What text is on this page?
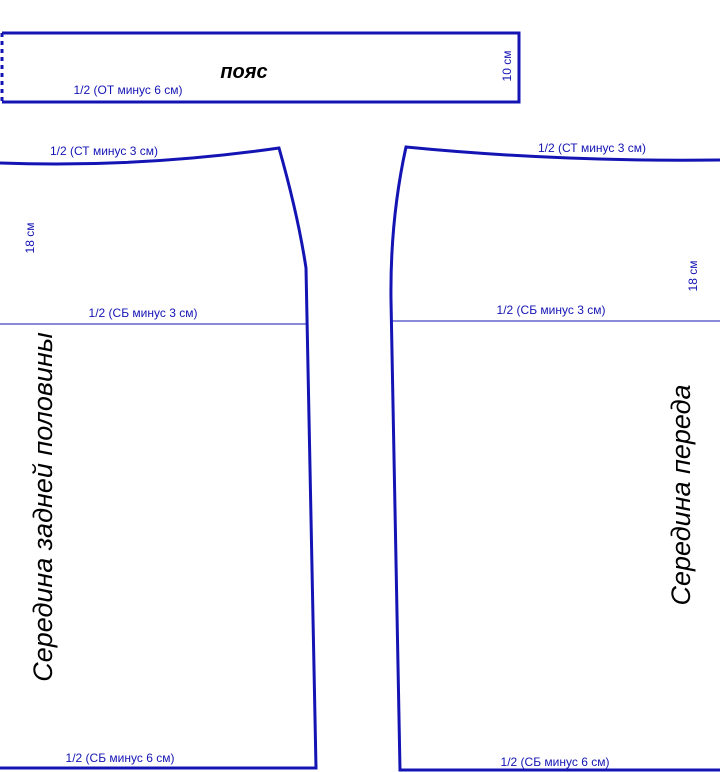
пояс
1/2 (ОТ минус 6 см)
10 см
1/2 (СТ минус 3 см)
18 см
1/2 (СБ минус 3 см)
Середина задней половины
1/2 (СБ минус 6 см)
1/2 (СТ минус 3 см)
18 см
1/2 (СБ минус 3 см)
Середина переда
1/2 (СБ минус 6 см)
